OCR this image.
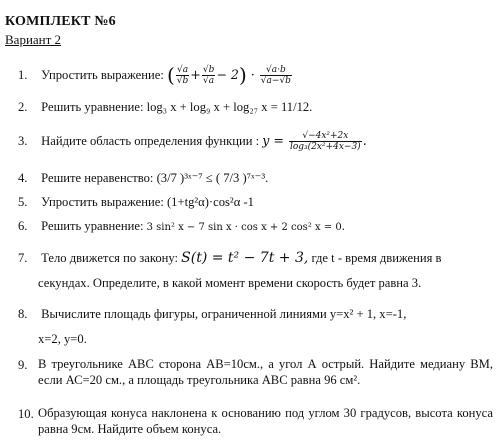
КОМПЛЕКТ №6
Вариант 2
1. Упростить выражение: ( $\frac{√a}{√b} + \frac{√b}{√a} - 2) \cdot \frac{√a\cdot b}{√a-√b}$
2. Решить уравнение: log₃ x + log₉ x + log₂₇ x = 11/12.
3. Найдите область определения функции : $y = \frac{\text{√−4x²+2x}}{\text{log₃(2x²+4x−3)}}$ .
4. Решите неравенство: (3/7 )³ˣ⁻⁷ ≤ ( 7/3 )⁷ˣ⁻³.
5. Упростить выражение: (1+tg²α)·cos²α -1
6. Решить уравнение: 3 sin² x − 7 sin x · cos x + 2 cos² x = 0.
7. Тело движется по закону: S(t) = t² − 7t + 3, где t - время движения в
секундах. Определите, в какой момент времени скорость будет равна 3.
8. Вычислите площадь фигуры, ограниченной линиями y=x² + 1, x=-1,
x=2, y=0.
9. В треугольнике АВС сторона АВ=10см., а угол А острый. Найдите медиану ВМ, если АС=20 см., а площадь треугольника АВС равна 96 см².
10. Образующая конуса наклонена к основанию под углом 30 градусов, высота конуса равна 9см. Найдите объем конуса.
